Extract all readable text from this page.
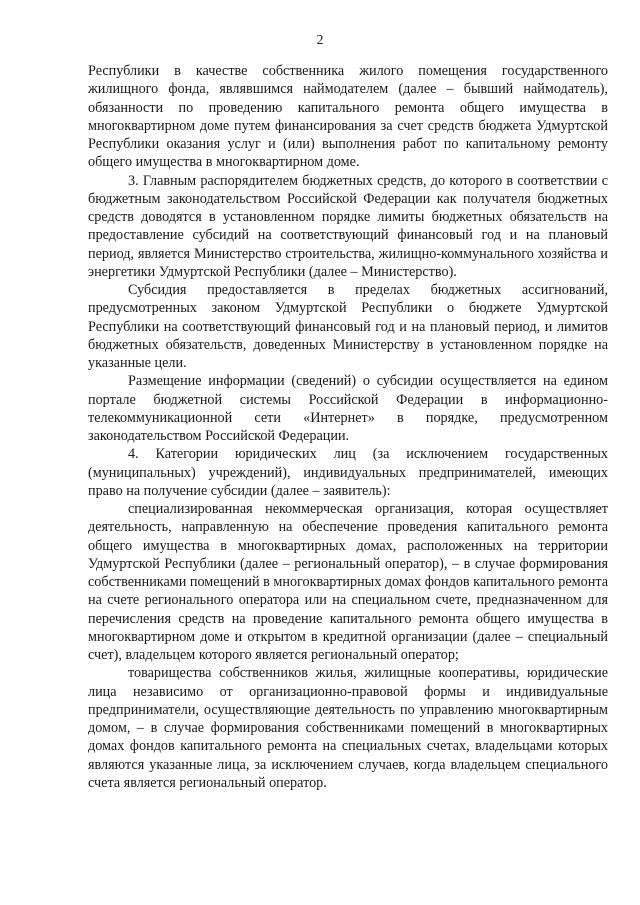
2

Республики в качестве собственника жилого помещения государственного жилищного фонда, являвшимся наймодателем (далее – бывший наймодатель), обязанности по проведению капитального ремонта общего имущества в многоквартирном доме путем финансирования за счет средств бюджета Удмуртской Республики оказания услуг и (или) выполнения работ по капитальному ремонту общего имущества в многоквартирном доме.

3. Главным распорядителем бюджетных средств, до которого в соответствии с бюджетным законодательством Российской Федерации как получателя бюджетных средств доводятся в установленном порядке лимиты бюджетных обязательств на предоставление субсидий на соответствующий финансовый год и на плановый период, является Министерство строительства, жилищно-коммунального хозяйства и энергетики Удмуртской Республики (далее – Министерство).

Субсидия предоставляется в пределах бюджетных ассигнований, предусмотренных законом Удмуртской Республики о бюджете Удмуртской Республики на соответствующий финансовый год и на плановый период, и лимитов бюджетных обязательств, доведенных Министерству в установленном порядке на указанные цели.

Размещение информации (сведений) о субсидии осуществляется на едином портале бюджетной системы Российской Федерации в информационно-телекоммуникационной сети «Интернет» в порядке, предусмотренном законодательством Российской Федерации.

4. Категории юридических лиц (за исключением государственных (муниципальных) учреждений), индивидуальных предпринимателей, имеющих право на получение субсидии (далее – заявитель):

специализированная некоммерческая организация, которая осуществляет деятельность, направленную на обеспечение проведения капитального ремонта общего имущества в многоквартирных домах, расположенных на территории Удмуртской Республики (далее – региональный оператор), – в случае формирования собственниками помещений в многоквартирных домах фондов капитального ремонта на счете регионального оператора или на специальном счете, предназначенном для перечисления средств на проведение капитального ремонта общего имущества в многоквартирном доме и открытом в кредитной организации (далее – специальный счет), владельцем которого является региональный оператор;

товарищества собственников жилья, жилищные кооперативы, юридические лица независимо от организационно-правовой формы и индивидуальные предприниматели, осуществляющие деятельность по управлению многоквартирным домом, – в случае формирования собственниками помещений в многоквартирных домах фондов капитального ремонта на специальных счетах, владельцами которых являются указанные лица, за исключением случаев, когда владельцем специального счета является региональный оператор.
